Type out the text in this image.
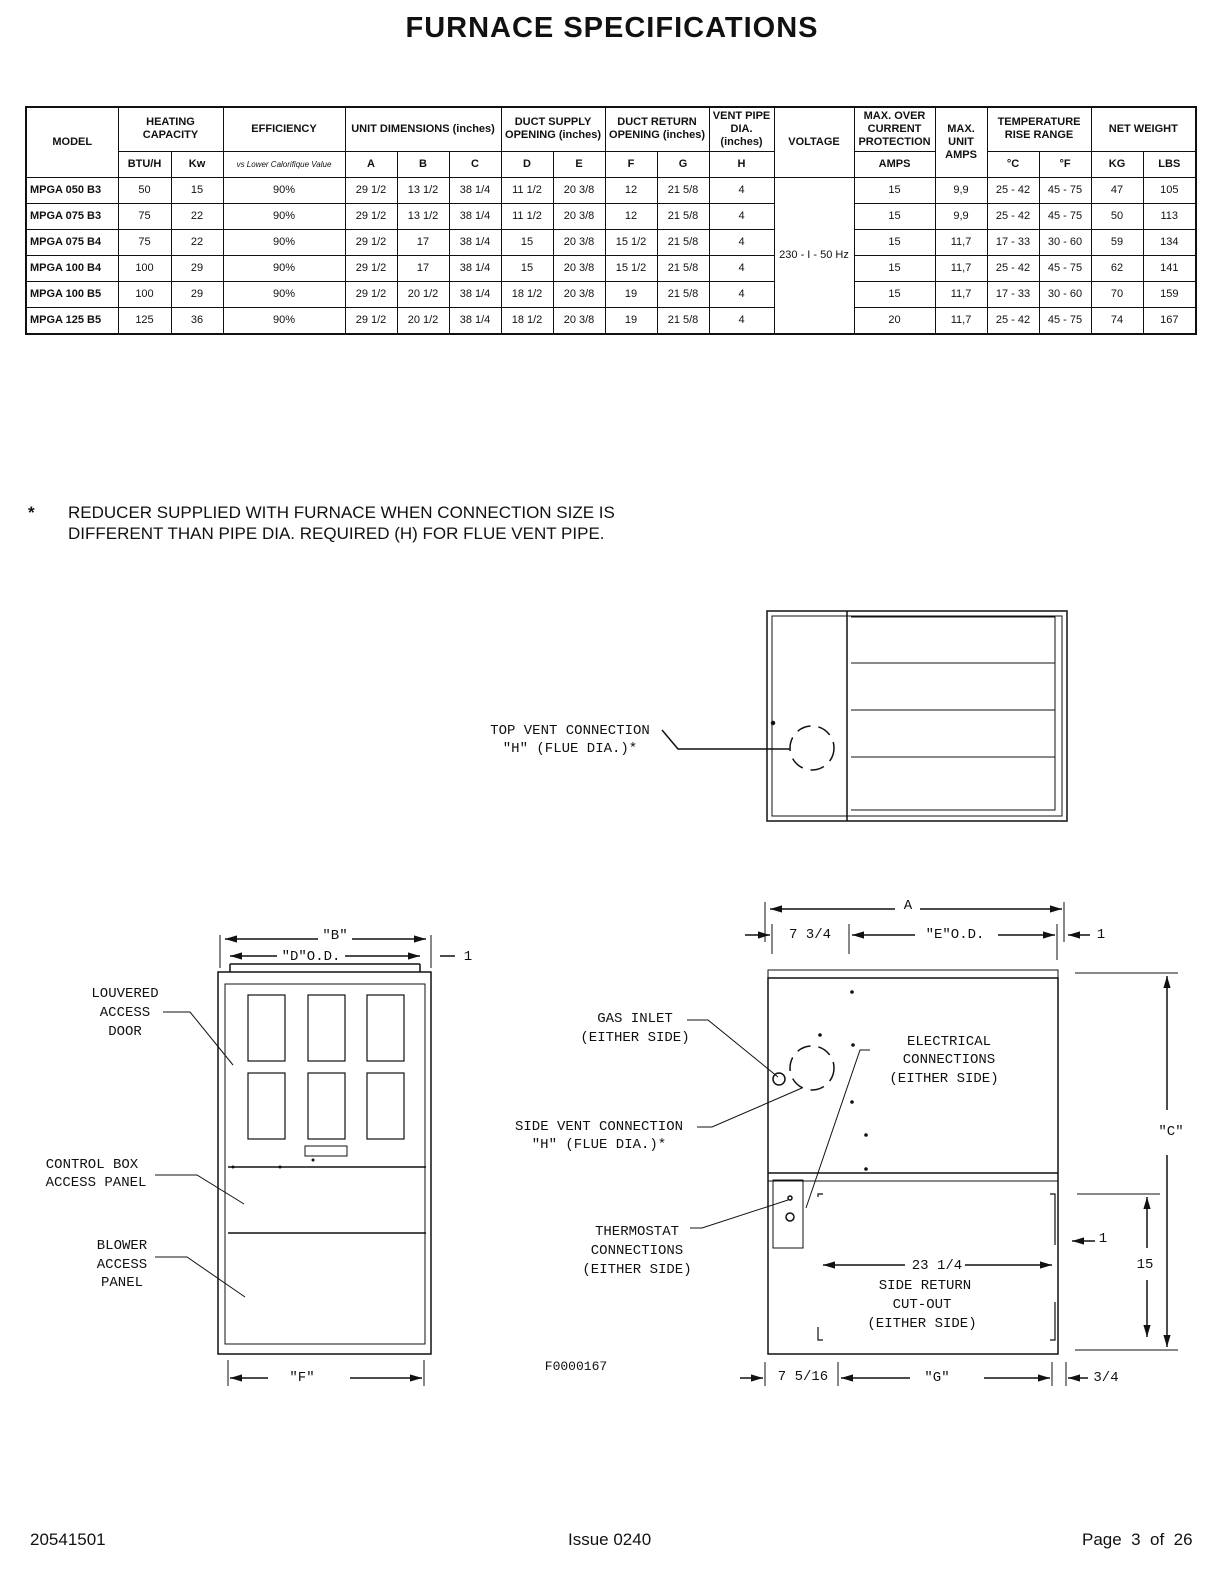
FURNACE SPECIFICATIONS
MODEL	HEATING CAPACITY		EFFICIENCY	UNIT DIMENSIONS (inches)			DUCT SUPPLY OPENING (inches)		DUCT RETURN OPENING (inches)		VENT PIPE DIA. (inches)	VOLTAGE	MAX. OVER CURRENT PROTECTION	MAX. UNIT AMPS	TEMPERATURE RISE RANGE		NET WEIGHT	
	BTU/H	Kw	vs Lower Calorifique Value	A	B	C	D	E	F	G	H		AMPS		°C	°F	KG	LBS
MPGA 050 B3	50	15	90%	29 1/2	13 1/2	38 1/4	11 1/2	20 3/8	12	21 5/8	4	230 - I - 50 Hz	15	9,9	25 - 42	45 - 75	47	105
MPGA 075 B3	75	22	90%	29 1/2	13 1/2	38 1/4	11 1/2	20 3/8	12	21 5/8	4		15	9,9	25 - 42	45 - 75	50	113
MPGA 075 B4	75	22	90%	29 1/2	17	38 1/4	15	20 3/8	15 1/2	21 5/8	4		15	11,7	17 - 33	30 - 60	59	134
MPGA 100 B4	100	29	90%	29 1/2	17	38 1/4	15	20 3/8	15 1/2	21 5/8	4		15	11,7	25 - 42	45 - 75	62	141
MPGA 100 B5	100	29	90%	29 1/2	20 1/2	38 1/4	18 1/2	20 3/8	19	21 5/8	4		15	11,7	17 - 33	30 - 60	70	159
MPGA 125 B5	125	36	90%	29 1/2	20 1/2	38 1/4	18 1/2	20 3/8	19	21 5/8	4		20	11,7	25 - 42	45 - 75	74	167
* REDUCER SUPPLIED WITH FURNACE WHEN CONNECTION SIZE IS DIFFERENT THAN PIPE DIA. REQUIRED (H) FOR FLUE VENT PIPE.
TOP VENT CONNECTION
"H" (FLUE DIA.)*
"B"
"D"O.D.	1
LOUVERED
ACCESS
DOOR
CONTROL BOX
ACCESS PANEL
BLOWER
ACCESS
PANEL
"F"
A
7 3/4	"E"O.D.	1
GAS INLET
(EITHER SIDE)	ELECTRICAL
CONNECTIONS
(EITHER SIDE)
SIDE VENT CONNECTION
"H" (FLUE DIA.)*
"C"
THERMOSTAT
CONNECTIONS
(EITHER SIDE)
1
15
23 1/4
SIDE RETURN
CUT-OUT
(EITHER SIDE)
F0000167
7 5/16	"G"	3/4
20541501	Issue 0240	Page  3  of  26
